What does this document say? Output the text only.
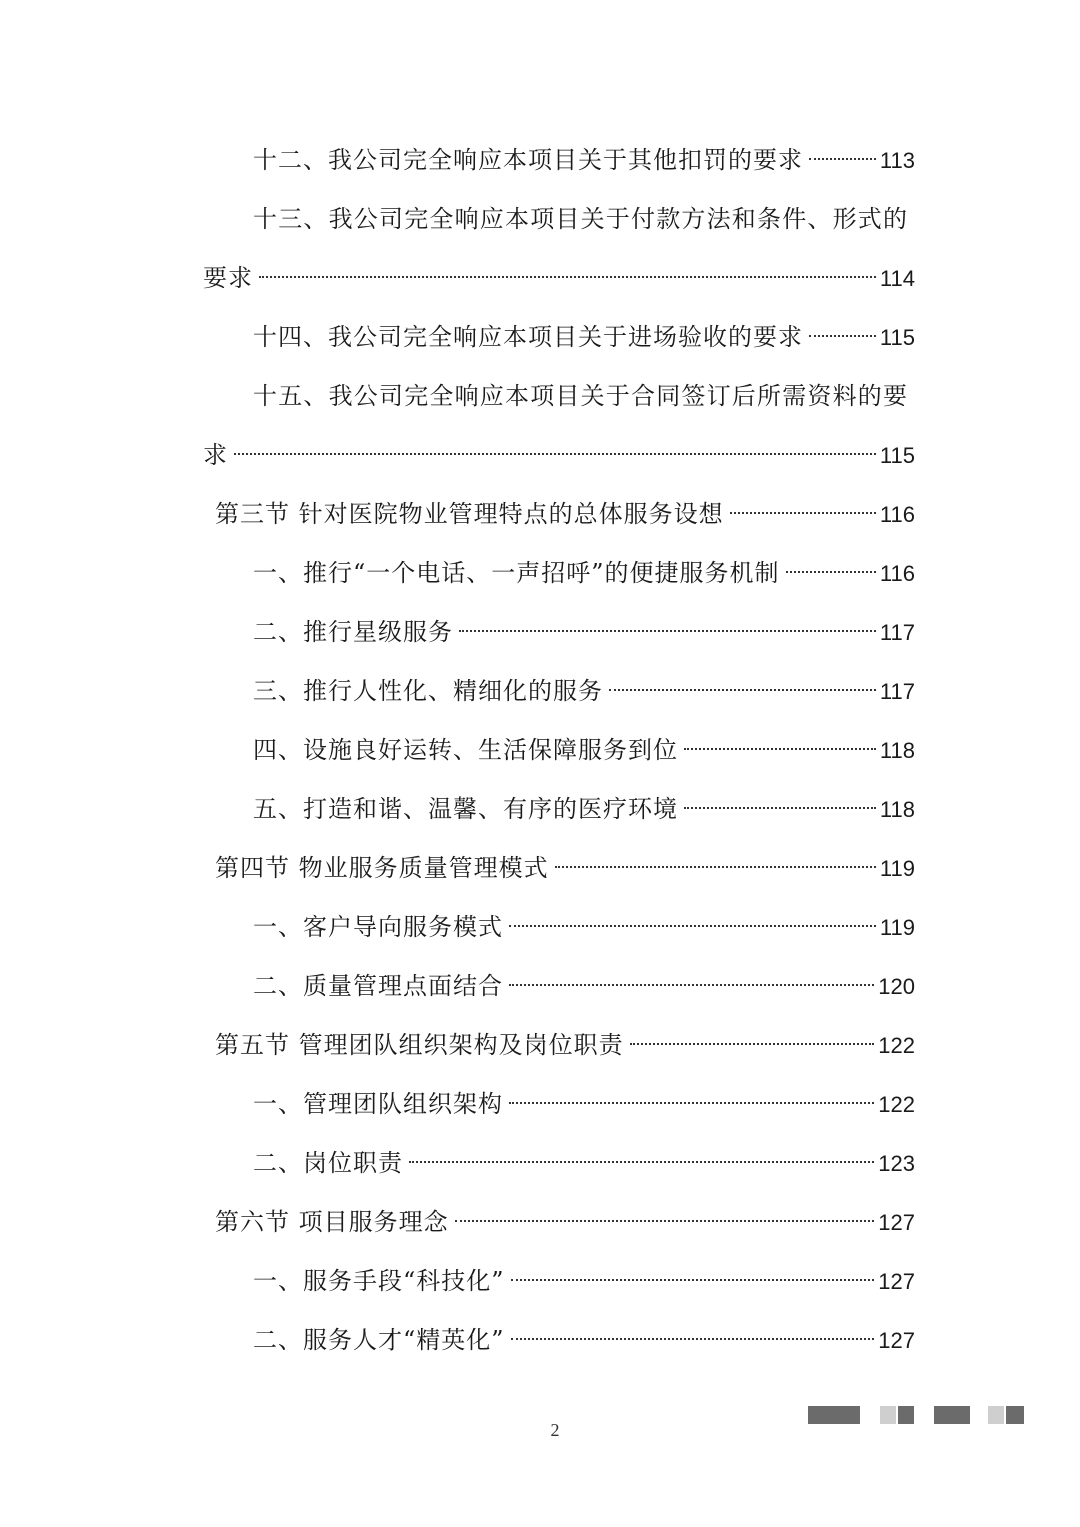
十二、我公司完全响应本项目关于其他扣罚的要求	113
十三、我公司完全响应本项目关于付款方法和条件、形式的
要求	114
十四、我公司完全响应本项目关于进场验收的要求	115
十五、我公司完全响应本项目关于合同签订后所需资料的要
求	115
第三节 针对医院物业管理特点的总体服务设想	116
一、推行“一个电话、一声招呼”的便捷服务机制	116
二、推行星级服务	117
三、推行人性化、精细化的服务	117
四、设施良好运转、生活保障服务到位	118
五、打造和谐、温馨、有序的医疗环境	118
第四节 物业服务质量管理模式	119
一、客户导向服务模式	119
二、质量管理点面结合	120
第五节 管理团队组织架构及岗位职责	122
一、管理团队组织架构	122
二、岗位职责	123
第六节 项目服务理念	127
一、服务手段“科技化”	127
二、服务人才“精英化”	127
2
